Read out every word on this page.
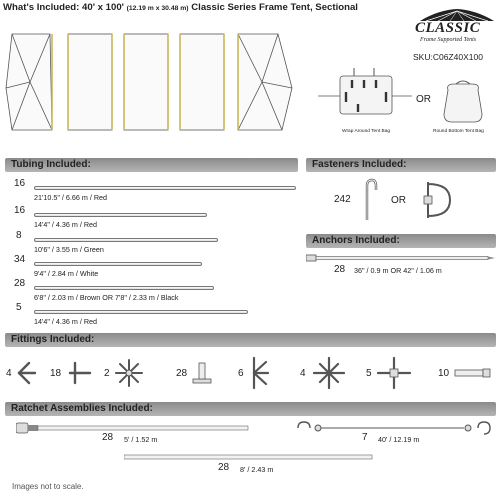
What's Included: 40' x 100' (12.19 m x 30.48 m) Classic Series Frame Tent, Sectional
CLASSIC
Frame Supported Tents
SKU:C06Z40X100
Wrap Around Tent Bag
OR
Round Bottom Tent Bag
Tubing Included:	Fasteners Included:
Anchors Included:
Fittings Included:
Ratchet Assemblies Included:
16
21'10.5" / 6.66 m / Red
16
14'4" / 4.36 m / Red
8
10'6" / 3.55 m / Green
34
9'4" / 2.84 m / White
28
6'8" / 2.03 m / Brown OR 7'8" / 2.33 m / Black
5
14'4" / 4.36 m / Red
242	OR
28 36" / 0.9 m OR 42" / 1.06 m
4	18	2	28	6	4	5	10
28 5' / 1.52 m	7 40' / 12.19 m
28 8' / 2.43 m
Images not to scale.
